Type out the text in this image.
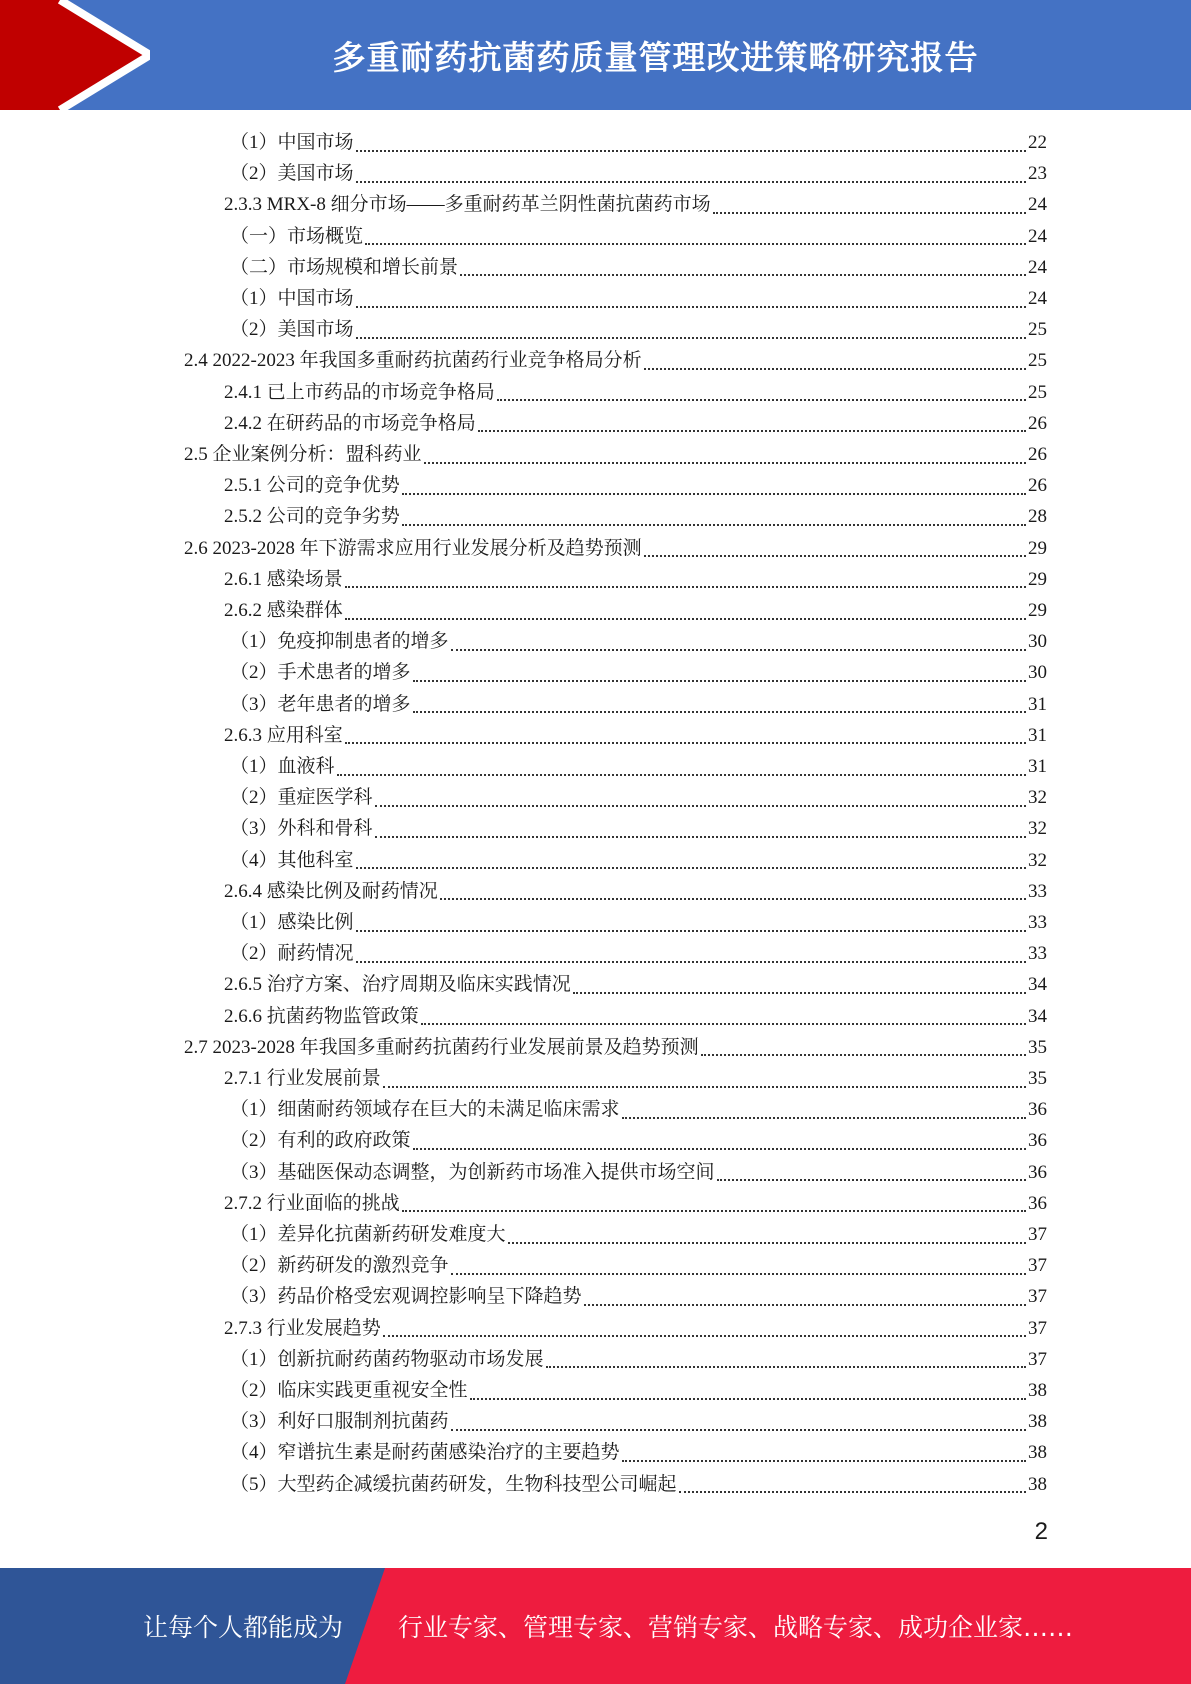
多重耐药抗菌药质量管理改进策略研究报告
（1）中国市场	22
（2）美国市场	23
2.3.3 MRX-8 细分市场——多重耐药革兰阴性菌抗菌药市场	24
（一）市场概览	24
（二）市场规模和增长前景	24
（1）中国市场	24
（2）美国市场	25
2.4 2022-2023 年我国多重耐药抗菌药行业竞争格局分析	25
2.4.1 已上市药品的市场竞争格局	25
2.4.2 在研药品的市场竞争格局	26
2.5 企业案例分析：盟科药业	26
2.5.1 公司的竞争优势	26
2.5.2 公司的竞争劣势	28
2.6 2023-2028 年下游需求应用行业发展分析及趋势预测	29
2.6.1 感染场景	29
2.6.2 感染群体	29
（1）免疫抑制患者的增多	30
（2）手术患者的增多	30
（3）老年患者的增多	31
2.6.3 应用科室	31
（1）血液科	31
（2）重症医学科	32
（3）外科和骨科	32
（4）其他科室	32
2.6.4 感染比例及耐药情况	33
（1）感染比例	33
（2）耐药情况	33
2.6.5 治疗方案、治疗周期及临床实践情况	34
2.6.6 抗菌药物监管政策	34
2.7 2023-2028 年我国多重耐药抗菌药行业发展前景及趋势预测	35
2.7.1 行业发展前景	35
（1）细菌耐药领域存在巨大的未满足临床需求	36
（2）有利的政府政策	36
（3）基础医保动态调整，为创新药市场准入提供市场空间	36
2.7.2 行业面临的挑战	36
（1）差异化抗菌新药研发难度大	37
（2）新药研发的激烈竞争	37
（3）药品价格受宏观调控影响呈下降趋势	37
2.7.3 行业发展趋势	37
（1）创新抗耐药菌药物驱动市场发展	37
（2）临床实践更重视安全性	38
（3）利好口服制剂抗菌药	38
（4）窄谱抗生素是耐药菌感染治疗的主要趋势	38
（5）大型药企减缓抗菌药研发，生物科技型公司崛起	38
2
让每个人都能成为 行业专家、管理专家、营销专家、战略专家、成功企业家……
